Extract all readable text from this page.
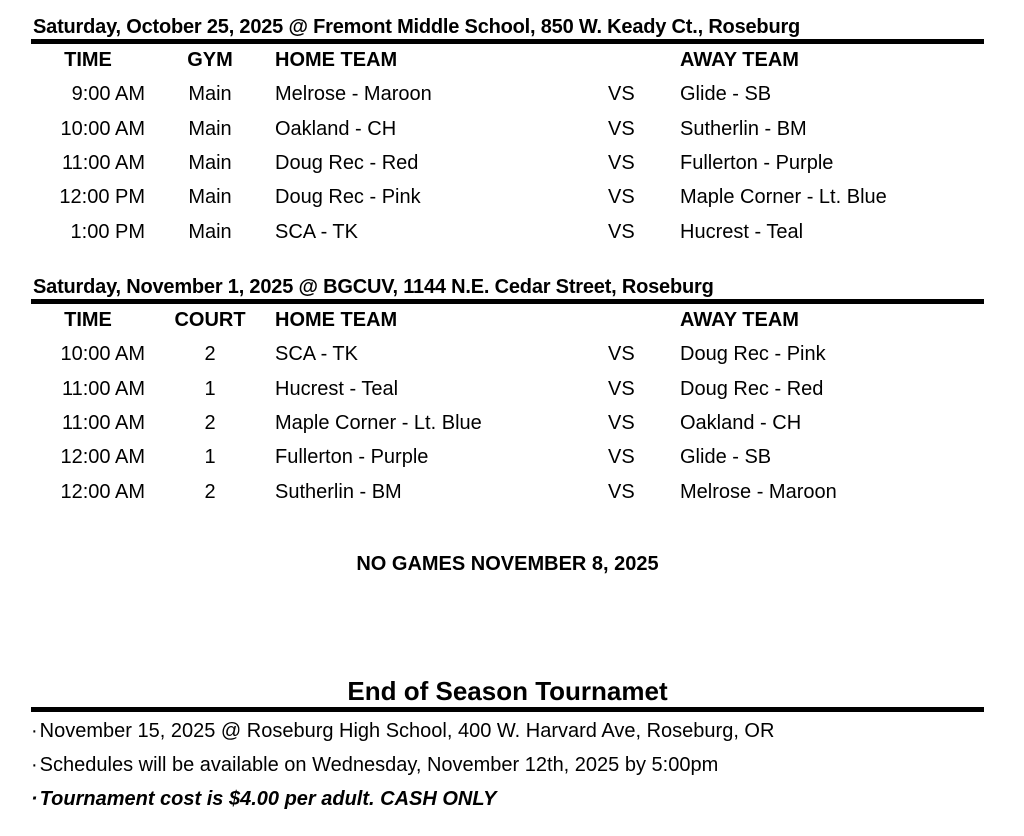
Saturday, October 25, 2025 @ Fremont Middle School, 850 W. Keady Ct., Roseburg
TIME	GYM	HOME TEAM		AWAY TEAM
9:00 AM	Main	Melrose - Maroon	VS	Glide - SB
10:00 AM	Main	Oakland - CH	VS	Sutherlin - BM
11:00 AM	Main	Doug Rec - Red	VS	Fullerton - Purple
12:00 PM	Main	Doug Rec - Pink	VS	Maple Corner - Lt. Blue
1:00 PM	Main	SCA - TK	VS	Hucrest - Teal
Saturday, November 1, 2025 @ BGCUV, 1144 N.E. Cedar Street, Roseburg
TIME	COURT	HOME TEAM		AWAY TEAM
10:00 AM	2	SCA - TK	VS	Doug Rec - Pink
11:00 AM	1	Hucrest - Teal	VS	Doug Rec - Red
11:00 AM	2	Maple Corner - Lt. Blue	VS	Oakland - CH
12:00 AM	1	Fullerton - Purple	VS	Glide - SB
12:00 AM	2	Sutherlin - BM	VS	Melrose - Maroon
NO GAMES NOVEMBER 8, 2025
End of Season Tournamet
· November 15, 2025 @ Roseburg High School, 400 W. Harvard Ave, Roseburg, OR
· Schedules will be available on Wednesday, November 12th, 2025 by 5:00pm
· Tournament cost is $4.00 per adult. CASH ONLY
